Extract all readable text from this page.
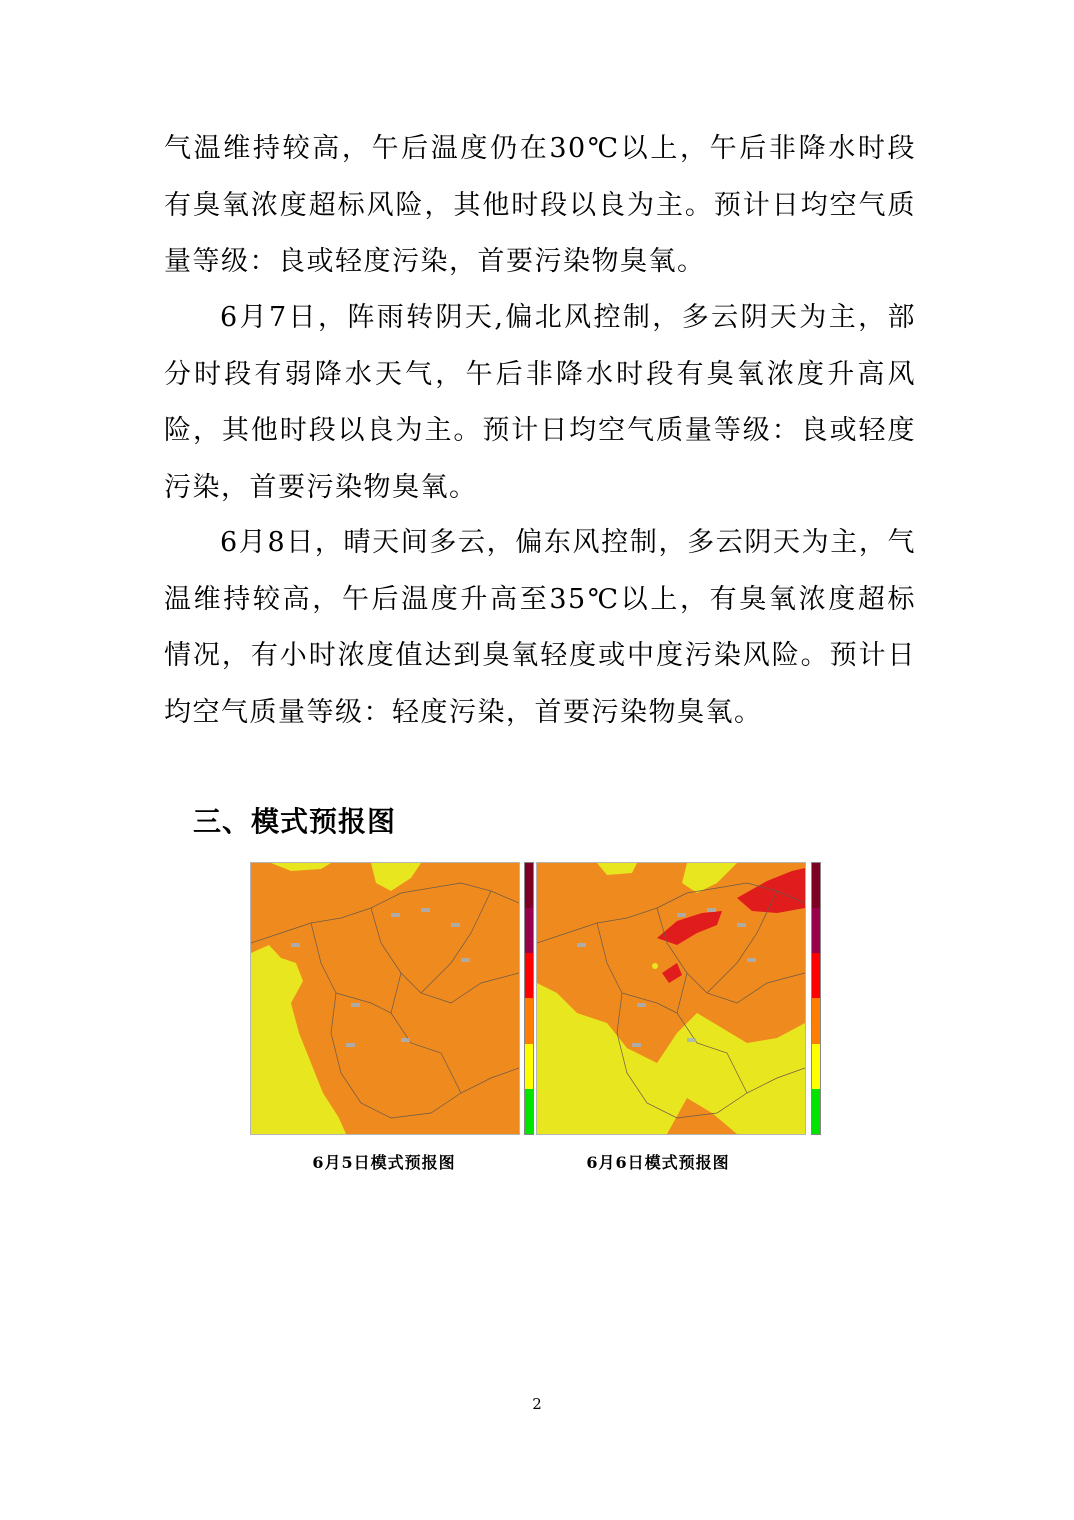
气温维持较高，午后温度仍在30℃以上，午后非降水时段有臭氧浓度超标风险，其他时段以良为主。预计日均空气质量等级：良或轻度污染，首要污染物臭氧。

6月7日，阵雨转阴天,偏北风控制，多云阴天为主，部分时段有弱降水天气，午后非降水时段有臭氧浓度升高风险，其他时段以良为主。预计日均空气质量等级：良或轻度污染，首要污染物臭氧。

6月8日，晴天间多云，偏东风控制，多云阴天为主，气温维持较高，午后温度升高至35℃以上，有臭氧浓度超标情况，有小时浓度值达到臭氧轻度或中度污染风险。预计日均空气质量等级：轻度污染，首要污染物臭氧。

三、模式预报图
6月5日模式预报图	6月6日模式预报图
2
